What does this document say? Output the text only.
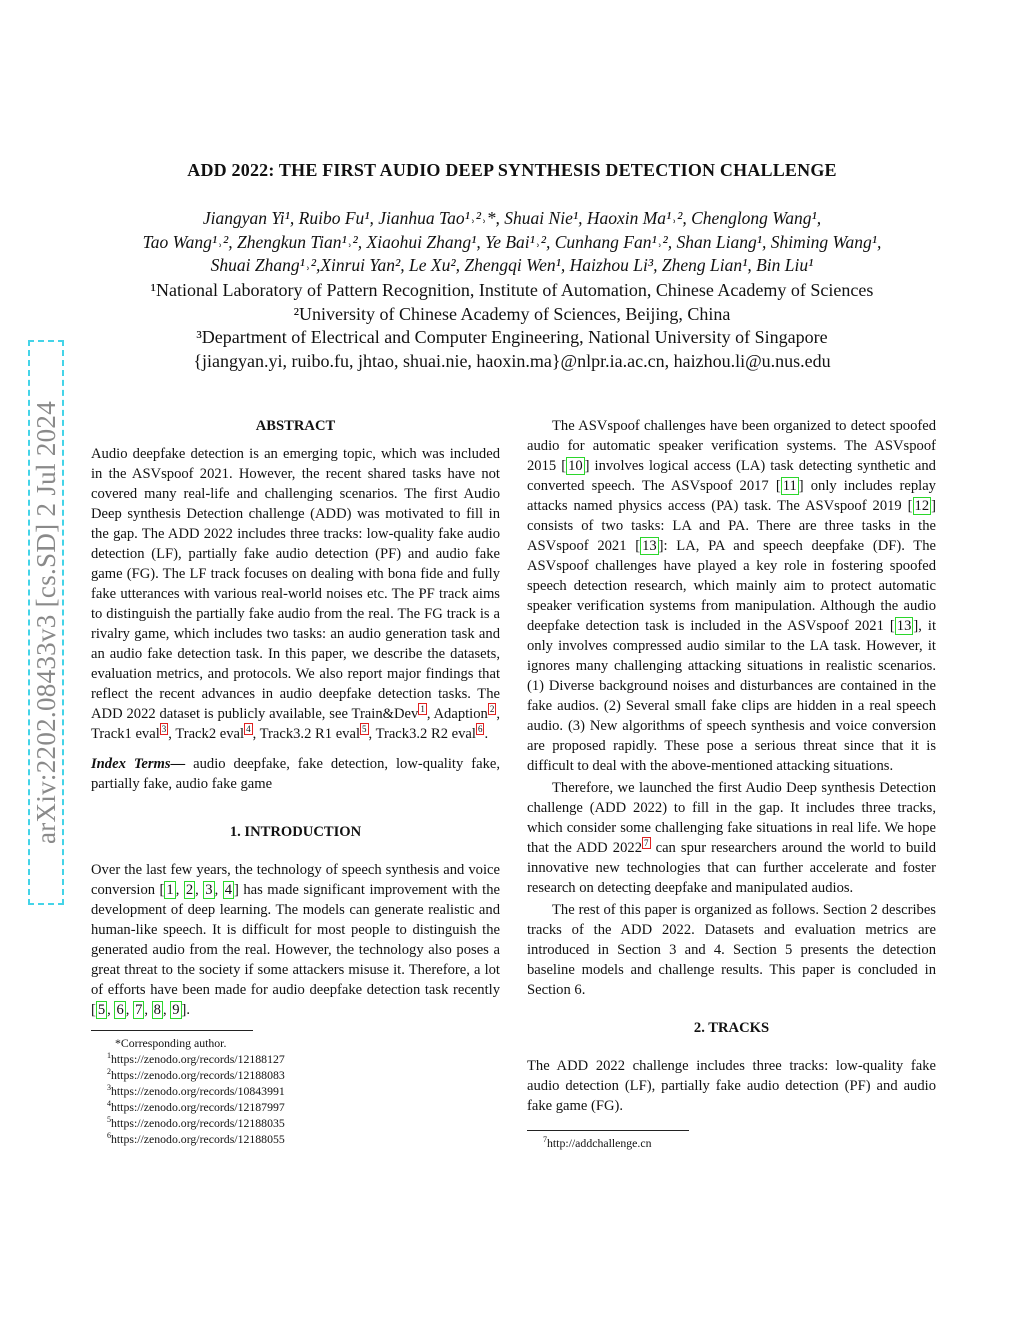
arXiv:2202.08433v3 [cs.SD] 2 Jul 2024
ADD 2022: THE FIRST AUDIO DEEP SYNTHESIS DETECTION CHALLENGE
Jiangyan Yi¹, Ruibo Fu¹, Jianhua Tao¹˒²˒*, Shuai Nie¹, Haoxin Ma¹˒², Chenglong Wang¹,
Tao Wang¹˒², Zhengkun Tian¹˒², Xiaohui Zhang¹, Ye Bai¹˒², Cunhang Fan¹˒², Shan Liang¹, Shiming Wang¹,
Shuai Zhang¹˒²,Xinrui Yan², Le Xu², Zhengqi Wen¹, Haizhou Li³, Zheng Lian¹, Bin Liu¹
¹National Laboratory of Pattern Recognition, Institute of Automation, Chinese Academy of Sciences
²University of Chinese Academy of Sciences, Beijing, China
³Department of Electrical and Computer Engineering, National University of Singapore
{jiangyan.yi, ruibo.fu, jhtao, shuai.nie, haoxin.ma}@nlpr.ia.ac.cn, haizhou.li@u.nus.edu
ABSTRACT

Audio deepfake detection is an emerging topic, which was included in the ASVspoof 2021. However, the recent shared tasks have not covered many real-life and challenging scenarios. The first Audio Deep synthesis Detection challenge (ADD) was motivated to fill in the gap. The ADD 2022 includes three tracks: low-quality fake audio detection (LF), partially fake audio detection (PF) and audio fake game (FG). The LF track focuses on dealing with bona fide and fully fake utterances with various real-world noises etc. The PF track aims to distinguish the partially fake audio from the real. The FG track is a rivalry game, which includes two tasks: an audio generation task and an audio fake detection task. In this paper, we describe the datasets, evaluation metrics, and protocols. We also report major findings that reflect the recent advances in audio deepfake detection tasks. The ADD 2022 dataset is publicly available, see Train&Dev $^1$ , Adaption $^2$ , Track1 eval $^3$ , Track2 eval $^4$ , Track3.2 R1 eval $^5$ , Track3.2 R2 eval $^6$ .

Index Terms— audio deepfake, fake detection, low-quality fake, partially fake, audio fake game

1. INTRODUCTION

Over the last few years, the technology of speech synthesis and voice conversion [ 1 , 2 , 3 , 4 ] has made significant improvement with the development of deep learning. The models can generate realistic and human-like speech. It is difficult for most people to distinguish the generated audio from the real. However, the technology also poses a great threat to the society if some attackers misuse it. Therefore, a lot of efforts have been made for audio deepfake detection task recently [ 5 , 6 , 7 , 8 , 9 ].

*Corresponding author.
$^1$https://zenodo.org/records/12188127
$^2$https://zenodo.org/records/12188083
$^3$https://zenodo.org/records/10843991
$^4$https://zenodo.org/records/12187997
$^5$https://zenodo.org/records/12188035
$^6$https://zenodo.org/records/12188055

The ASVspoof challenges have been organized to detect spoofed audio for automatic speaker verification systems. The ASVspoof 2015 [ 10 ] involves logical access (LA) task detecting synthetic and converted speech. The ASVspoof 2017 [ 11 ] only includes replay attacks named physics access (PA) task. The ASVspoof 2019 [ 12 ] consists of two tasks: LA and PA. There are three tasks in the ASVspoof 2021 [ 13 ]: LA, PA and speech deepfake (DF). The ASVspoof challenges have played a key role in fostering spoofed speech detection research, which mainly aim to protect automatic speaker verification systems from manipulation. Although the audio deepfake detection task is included in the ASVspoof 2021 [ 13 ], it only involves compressed audio similar to the LA task. However, it ignores many challenging attacking situations in realistic scenarios. (1) Diverse background noises and disturbances are contained in the fake audios. (2) Several small fake clips are hidden in a real speech audio. (3) New algorithms of speech synthesis and voice conversion are proposed rapidly. These pose a serious threat since that it is difficult to deal with the above-mentioned attacking situations.

Therefore, we launched the first Audio Deep synthesis Detection challenge (ADD 2022) to fill in the gap. It includes three tracks, which consider some challenging fake situations in real life. We hope that the ADD 2022 $^7$ can spur researchers around the world to build innovative new technologies that can further accelerate and foster research on detecting deepfake and manipulated audios.

The rest of this paper is organized as follows. Section 2 describes tracks of the ADD 2022. Datasets and evaluation metrics are introduced in Section 3 and 4. Section 5 presents the detection baseline models and challenge results. This paper is concluded in Section 6.

2. TRACKS

The ADD 2022 challenge includes three tracks: low-quality fake audio detection (LF), partially fake audio detection (PF) and audio fake game (FG).

$^7$http://addchallenge.cn
